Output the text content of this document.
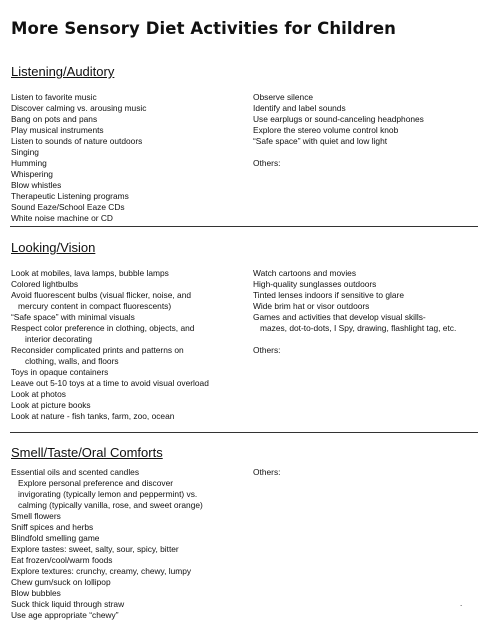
More Sensory Diet Activities for Children
Listening/Auditory
Listen to favorite music
Discover calming vs. arousing music
Bang on pots and pans
Play musical instruments
Listen to sounds of nature outdoors
Singing
Humming
Whispering
Blow whistles
Therapeutic Listening programs
Sound Eaze/School Eaze CDs
White noise machine or CD
Observe silence
Identify and label sounds
Use earplugs or sound-canceling headphones
Explore the stereo volume control knob
“Safe space” with quiet and low light
Others:
Looking/Vision
Look at mobiles, lava lamps, bubble lamps
Colored lightbulbs
Avoid fluorescent bulbs (visual flicker, noise, and
mercury content in compact fluorescents)
“Safe space” with minimal visuals
Respect color preference in clothing, objects, and
interior decorating
Reconsider complicated prints and patterns on
clothing, walls, and floors
Toys in opaque containers
Leave out 5-10 toys at a time to avoid visual overload
Look at photos
Look at picture books
Look at nature - fish tanks, farm, zoo, ocean
Watch cartoons and movies
High-quality sunglasses outdoors
Tinted lenses indoors if sensitive to glare
Wide brim hat or visor outdoors
Games and activities that develop visual skills-
mazes, dot-to-dots, I Spy, drawing, flashlight tag, etc.
Others:
Smell/Taste/Oral Comforts
Essential oils and scented candles
Explore personal preference and discover
invigorating (typically lemon and peppermint) vs.
calming (typically vanilla, rose, and sweet orange)
Smell flowers
Sniff spices and herbs
Blindfold smelling game
Explore tastes: sweet, salty, sour, spicy, bitter
Eat frozen/cool/warm foods
Explore textures: crunchy, creamy, chewy, lumpy
Chew gum/suck on lollipop
Blow bubbles
Suck thick liquid through straw
Use age appropriate “chewy”
Others:
.
